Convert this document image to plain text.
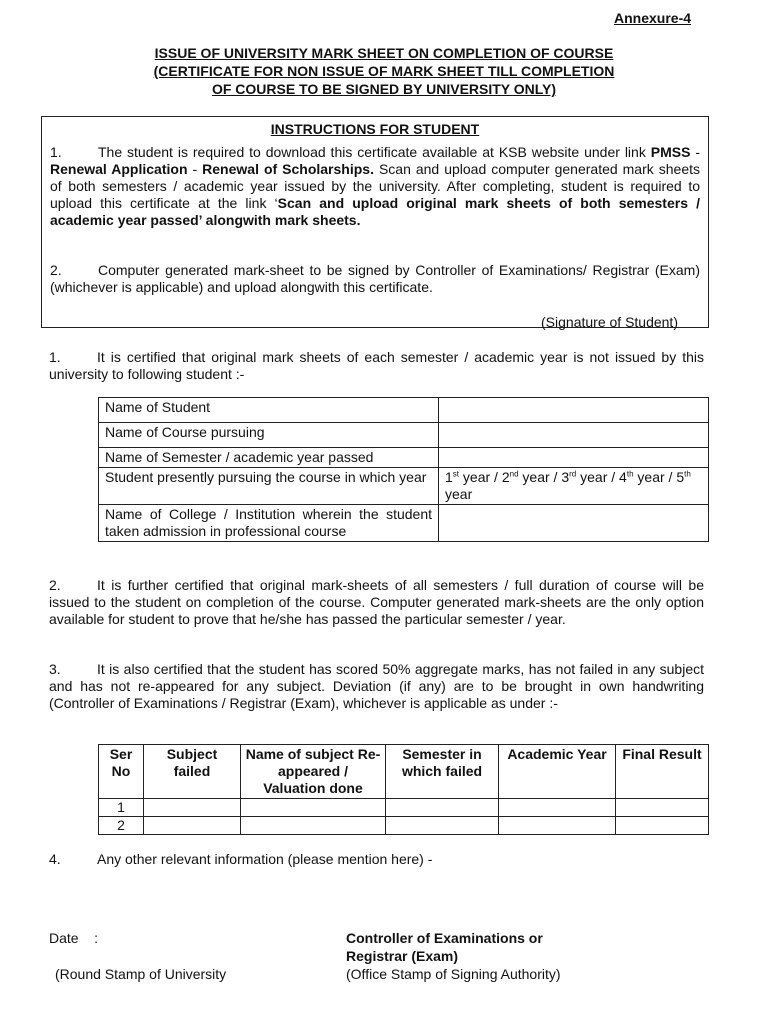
Annexure-4
ISSUE OF UNIVERSITY MARK SHEET ON COMPLETION OF COURSE
(CERTIFICATE FOR NON ISSUE OF MARK SHEET TILL COMPLETION
OF COURSE TO BE SIGNED BY UNIVERSITY ONLY)
INSTRUCTIONS FOR STUDENT
1.	The student is required to download this certificate available at KSB website under link PMSS - Renewal Application - Renewal of Scholarships. Scan and upload computer generated mark sheets of both semesters / academic year issued by the university. After completing, student is required to upload this certificate at the link ‘Scan and upload original mark sheets of both semesters / academic year passed’ alongwith mark sheets.
2.	Computer generated mark-sheet to be signed by Controller of Examinations/ Registrar (Exam) (whichever is applicable) and upload alongwith this certificate.
(Signature of Student)
1.	It is certified that original mark sheets of each semester / academic year is not issued by this university to following student :-
Name of Student	

Name of Course pursuing	

Name of Semester / academic year passed	

Student presently pursuing the course in which year	1st year / 2nd year / 3rd year / 4th year / 5th year

Name of College / Institution wherein the student taken admission in professional course	

2.	It is further certified that original mark-sheets of all semesters / full duration of course will be issued to the student on completion of the course. Computer generated mark-sheets are the only option available for student to prove that he/she has passed the particular semester / year.
3.	It is also certified that the student has scored 50% aggregate marks, has not failed in any subject and has not re-appeared for any subject. Deviation (if any) are to be brought in own handwriting (Controller of Examinations / Registrar (Exam), whichever is applicable as under :-
Ser No	Subject failed	Name of subject Re-appeared / Valuation done	Semester in which failed	Academic Year	Final Result
1					
2					
4.	Any other relevant information (please mention here) -
Date    :
(Round Stamp of University
Controller of Examinations or
Registrar (Exam)
(Office Stamp of Signing Authority)
